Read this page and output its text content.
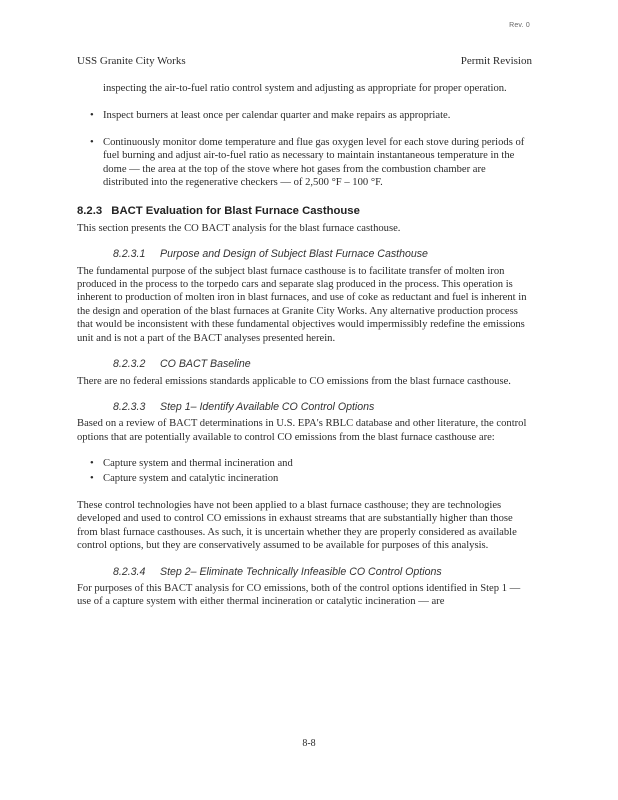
Rev. 0
USS Granite City Works	Permit Revision

inspecting the air-to-fuel ratio control system and adjusting as appropriate for proper operation.

• Inspect burners at least once per calendar quarter and make repairs as appropriate.
• Continuously monitor dome temperature and flue gas oxygen level for each stove during periods of fuel burning and adjust air-to-fuel ratio as necessary to maintain instantaneous temperature in the dome — the area at the top of the stove where hot gases from the combustion chamber are distributed into the regenerative checkers — of 2,500 °F – 100 °F.
8.2.3 BACT Evaluation for Blast Furnace Casthouse

This section presents the CO BACT analysis for the blast furnace casthouse.

8.2.3.1 Purpose and Design of Subject Blast Furnace Casthouse

The fundamental purpose of the subject blast furnace casthouse is to facilitate transfer of molten iron produced in the process to the torpedo cars and separate slag produced in the process. This operation is inherent to production of molten iron in blast furnaces, and use of coke as reductant and fuel is inherent in the design and operation of the blast furnaces at Granite City Works. Any alternative production process that would be inconsistent with these fundamental objectives would impermissibly redefine the emissions unit and is not a part of the BACT analyses presented herein.

8.2.3.2 CO BACT Baseline

There are no federal emissions standards applicable to CO emissions from the blast furnace casthouse.

8.2.3.3 Step 1– Identify Available CO Control Options

Based on a review of BACT determinations in U.S. EPA's RBLC database and other literature, the control options that are potentially available to control CO emissions from the blast furnace casthouse are:

• Capture system and thermal incineration and
• Capture system and catalytic incineration

These control technologies have not been applied to a blast furnace casthouse; they are technologies developed and used to control CO emissions in exhaust streams that are substantially higher than those from blast furnace casthouses. As such, it is uncertain whether they are properly considered as available control options, but they are conservatively assumed to be available for purposes of this analysis.

8.2.3.4 Step 2– Eliminate Technically Infeasible CO Control Options

For purposes of this BACT analysis for CO emissions, both of the control options identified in Step 1 — use of a capture system with either thermal incineration or catalytic incineration — are

8-8
